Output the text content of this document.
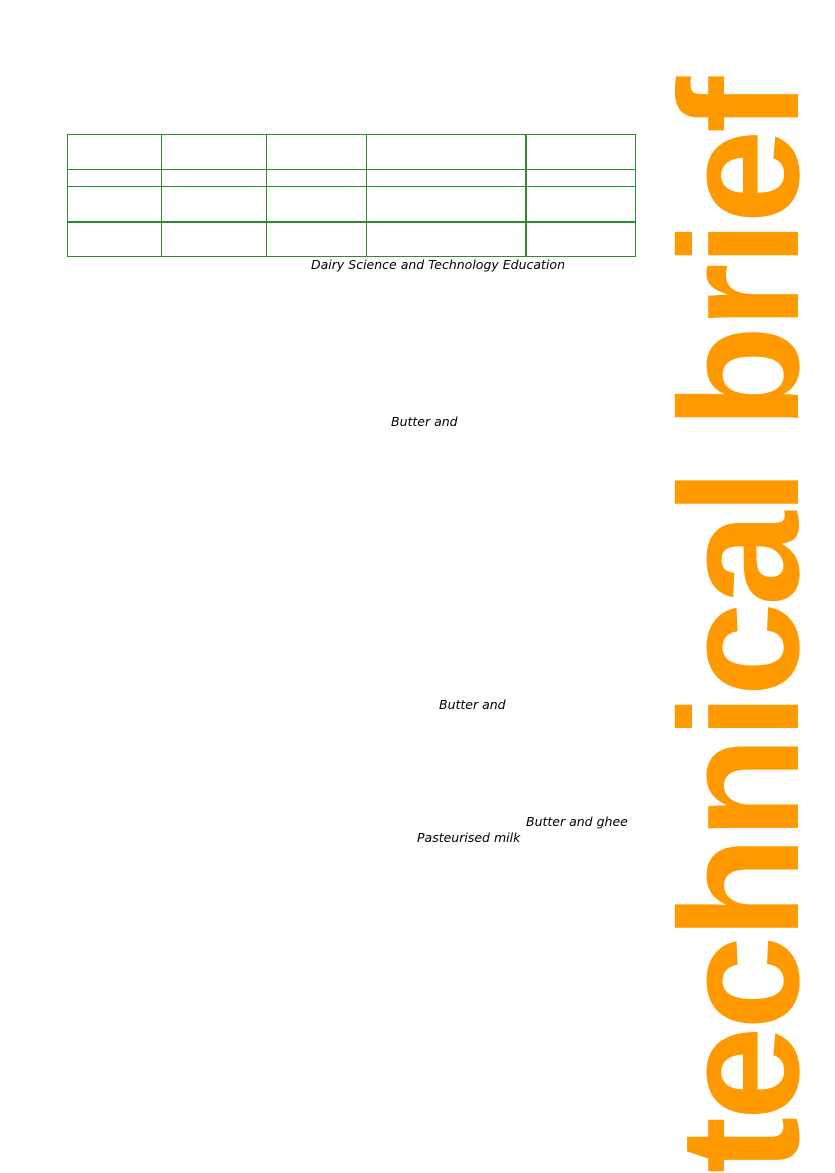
Dairy Science and Technology Education
Butter and
Butter and
Butter and ghee
Pasteurised milk technical brief
